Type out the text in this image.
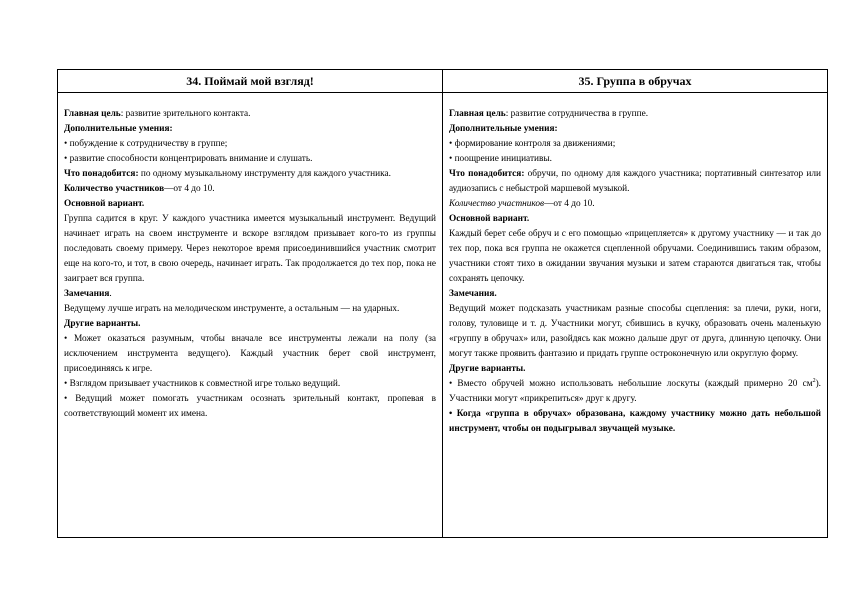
34. Поймай мой взгляд!

Главная цель: развитие зрительного контакта.

Дополнительные умения:

• побуждение к сотрудничеству в группе;

• развитие способности концентрировать внимание и слушать.

Что понадобится: по одному музыкальному инструменту для каждого участника.

Количество участников—от 4 до 10.

Основной вариант.

Группа садится в круг. У каждого участника имеется музыкальный инструмент. Ведущий начинает играть на своем инструменте и вскоре взглядом призывает кого-то из группы последовать своему примеру. Через некоторое время присоединившийся участник смотрит еще на кого-то, и тот, в свою очередь, начинает играть. Так продолжается до тех пор, пока не заиграет вся группа.

Замечания.

Ведущему лучше играть на мелодическом инструменте, а остальным — на ударных.

Другие варианты.

• Может оказаться разумным, чтобы вначале все инструменты лежали на полу (за исключением инструмента ведущего). Каждый участник берет свой инструмент, присоединяясь к игре.

• Взглядом призывает участников к совместной игре только ведущий.

• Ведущий может помогать участникам осознать зрительный контакт, пропевая в соответствующий момент их имена.

35. Группа в обручах

Главная цель: развитие сотрудничества в группе.

Дополнительные умения:

• формирование контроля за движениями;

• поощрение инициативы.

Что понадобится: обручи, по одному для каждого участника; портативный синтезатор или аудиозапись с небыстрой маршевой музыкой.

Количество участников—от 4 до 10.

Основной вариант.

Каждый берет себе обруч и с его помощью «прицепляется» к другому участнику — и так до тех пор, пока вся группа не окажется сцепленной обручами. Соединившись таким образом, участники стоят тихо в ожидании звучания музыки и затем стараются двигаться так, чтобы сохранять цепочку.

Замечания.

Ведущий может подсказать участникам разные способы сцепления: за плечи, руки, ноги, голову, туловище и т. д. Участники могут, сбившись в кучку, образовать очень маленькую «группу в обручах» или, разойдясь как можно дальше друг от друга, длинную цепочку. Они могут также проявить фантазию и придать группе остроконечную или округлую форму.

Другие варианты.

• Вместо обручей можно использовать небольшие лоскуты (каждый примерно 20 $см^2$). Участники могут «прикрепиться» друг к другу.

• Когда «группа в обручах» образована, каждому участнику можно дать небольшой инструмент, чтобы он подыгрывал звучащей музыке.
